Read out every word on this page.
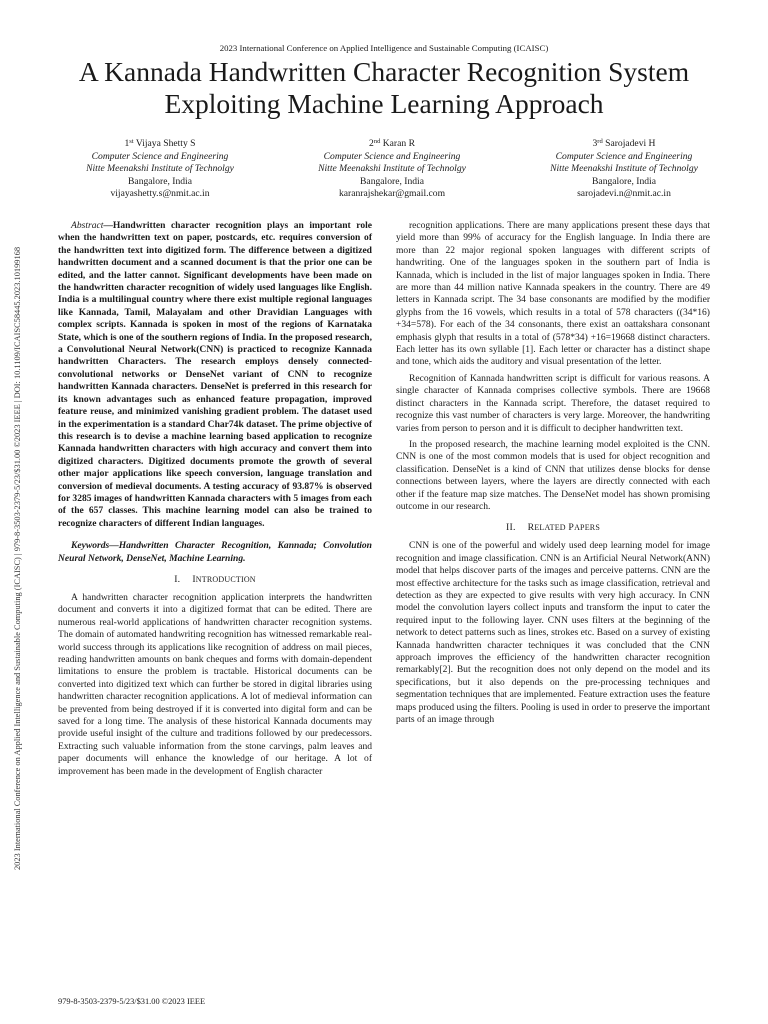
2023 International Conference on Applied Intelligence and Sustainable Computing (ICAISC) | 979-8-3503-2379-5/23/$31.00 ©2023 IEEE | DOI: 10.1109/ICAISC58445.2023.10199168
2023 International Conference on Applied Intelligence and Sustainable Computing (ICAISC)
A Kannada Handwritten Character Recognition System Exploiting Machine Learning Approach
1st Vijaya Shetty S
Computer Science and Engineering
Nitte Meenakshi Institute of Technolgy
Bangalore, India
vijayashetty.s@nmit.ac.in
2nd Karan R
Computer Science and Engineering
Nitte Meenakshi Institute of Technolgy
Bangalore, India
karanrajshekar@gmail.com
3rd Sarojadevi H
Computer Science and Engineering
Nitte Meenakshi Institute of Technolgy
Bangalore, India
sarojadevi.n@nmit.ac.in

Abstract—Handwritten character recognition plays an important role when the handwritten text on paper, postcards, etc. requires conversion of the handwritten text into digitized form. The difference between a digitized handwritten document and a scanned document is that the prior one can be edited, and the latter cannot. Significant developments have been made on the handwritten character recognition of widely used languages like English. India is a multilingual country where there exist multiple regional languages like Kannada, Tamil, Malayalam and other Dravidian Languages with complex scripts. Kannada is spoken in most of the regions of Karnataka State, which is one of the southern regions of India. In the proposed research, a Convolutional Neural Network(CNN) is practiced to recognize Kannada handwritten Characters. The research employs densely connected-convolutional networks or DenseNet variant of CNN to recognize handwritten Kannada characters. DenseNet is preferred in this research for its known advantages such as enhanced feature propagation, improved feature reuse, and minimized vanishing gradient problem. The dataset used in the experimentation is a standard Char74k dataset. The prime objective of this research is to devise a machine learning based application to recognize Kannada handwritten characters with high accuracy and convert them into digitized characters. Digitized documents promote the growth of several other major applications like speech conversion, language translation and conversion of medieval documents. A testing accuracy of 93.87% is observed for 3285 images of handwritten Kannada characters with 5 images from each of the 657 classes. This machine learning model can also be trained to recognize characters of different Indian languages.

Keywords—Handwritten Character Recognition, Kannada; Convolution Neural Network, DenseNet, Machine Learning.

I. INTRODUCTION

A handwritten character recognition application interprets the handwritten document and converts it into a digitized format that can be edited. There are numerous real-world applications of handwritten character recognition systems. The domain of automated handwriting recognition has witnessed remarkable real-world success through its applications like recognition of address on mail pieces, reading handwritten amounts on bank cheques and forms with domain-dependent limitations to ensure the problem is tractable. Historical documents can be converted into digitized text which can further be stored in digital libraries using handwritten character recognition applications. A lot of medieval information can be prevented from being destroyed if it is converted into digital form and can be saved for a long time. The analysis of these historical Kannada documents may provide useful insight of the culture and traditions followed by our predecessors. Extracting such valuable information from the stone carvings, palm leaves and paper documents will enhance the knowledge of our heritage. A lot of improvement has been made in the development of English character

recognition applications. There are many applications present these days that yield more than 99% of accuracy for the English language. In India there are more than 22 major regional spoken languages with different scripts of handwriting. One of the languages spoken in the southern part of India is Kannada, which is included in the list of major languages spoken in India. There are more than 44 million native Kannada speakers in the country. There are 49 letters in Kannada script. The 34 base consonants are modified by the modifier glyphs from the 16 vowels, which results in a total of 578 characters ((34*16) +34=578). For each of the 34 consonants, there exist an oattakshara consonant emphasis glyph that results in a total of (578*34) +16=19668 distinct characters. Each letter has its own syllable [1]. Each letter or character has a distinct shape and tone, which aids the auditory and visual presentation of the letter.

Recognition of Kannada handwritten script is difficult for various reasons. A single character of Kannada comprises collective symbols. There are 19668 distinct characters in the Kannada script. Therefore, the dataset required to recognize this vast number of characters is very large. Moreover, the handwriting varies from person to person and it is difficult to decipher handwritten text.

In the proposed research, the machine learning model exploited is the CNN. CNN is one of the most common models that is used for object recognition and classification. DenseNet is a kind of CNN that utilizes dense blocks for dense connections between layers, where the layers are directly connected with each other if the feature map size matches. The DenseNet model has shown promising outcome in our research.

II. RELATED PAPERS

CNN is one of the powerful and widely used deep learning model for image recognition and image classification. CNN is an Artificial Neural Network(ANN) model that helps discover parts of the images and perceive patterns. CNN are the most effective architecture for the tasks such as image classification, retrieval and detection as they are expected to give results with very high accuracy. In CNN model the convolution layers collect inputs and transform the input to cater the required input to the following layer. CNN uses filters at the beginning of the network to detect patterns such as lines, strokes etc. Based on a survey of existing Kannada handwritten character techniques it was concluded that the CNN approach improves the efficiency of the handwritten character recognition remarkably[2]. But the recognition does not only depend on the model and its specifications, but it also depends on the pre-processing techniques and segmentation techniques that are implemented. Feature extraction uses the feature maps produced using the filters. Pooling is used in order to preserve the important parts of an image through

979-8-3503-2379-5/23/$31.00 ©2023 IEEE
